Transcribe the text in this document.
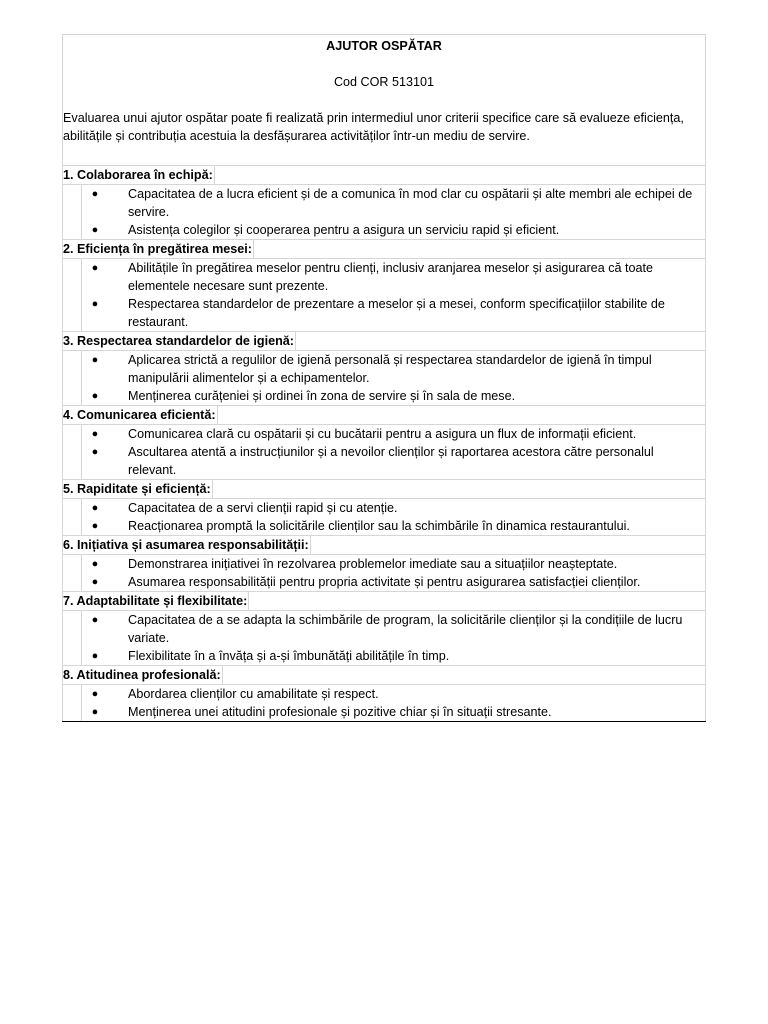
AJUTOR OSPĂTAR

Cod COR 513101

Evaluarea unui ajutor ospătar poate fi realizată prin intermediul unor criterii specifice care să evalueze eficiența, abilitățile și contribuția acestuia la desfășurarea activităților într-un mediu de servire.

1. Colaborarea în echipă:
● Capacitatea de a lucra eficient și de a comunica în mod clar cu ospătarii și alte membri ale echipei de servire.
● Asistența colegilor și cooperarea pentru a asigura un serviciu rapid și eficient.
2. Eficiența în pregătirea mesei:
● Abilitățile în pregătirea meselor pentru clienți, inclusiv aranjarea meselor și asigurarea că toate elementele necesare sunt prezente.
● Respectarea standardelor de prezentare a meselor și a mesei, conform specificațiilor stabilite de restaurant.
3. Respectarea standardelor de igienă:
● Aplicarea strictă a regulilor de igienă personală și respectarea standardelor de igienă în timpul manipulării alimentelor și a echipamentelor.
● Menținerea curățeniei și ordinei în zona de servire și în sala de mese.
4. Comunicarea eficientă:
● Comunicarea clară cu ospătarii și cu bucătarii pentru a asigura un flux de informații eficient.
● Ascultarea atentă a instrucțiunilor și a nevoilor clienților și raportarea acestora către personalul relevant.
5. Rapiditate și eficiență:
● Capacitatea de a servi clienții rapid și cu atenție.
● Reacționarea promptă la solicitările clienților sau la schimbările în dinamica restaurantului.
6. Inițiativa și asumarea responsabilității:
● Demonstrarea inițiativei în rezolvarea problemelor imediate sau a situațiilor neașteptate.
● Asumarea responsabilității pentru propria activitate și pentru asigurarea satisfacției clienților.
7. Adaptabilitate și flexibilitate:
● Capacitatea de a se adapta la schimbările de program, la solicitările clienților și la condițiile de lucru variate.
● Flexibilitate în a învăța și a-și îmbunătăți abilitățile în timp.
8. Atitudinea profesională:
● Abordarea clienților cu amabilitate și respect.
● Menținerea unei atitudini profesionale și pozitive chiar și în situații stresante.
